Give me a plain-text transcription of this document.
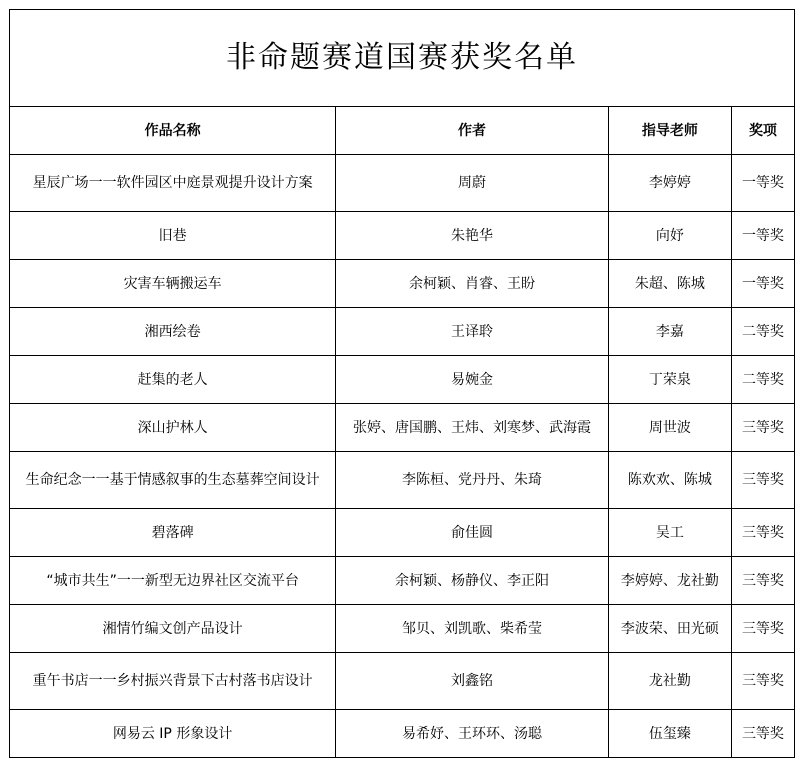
非命题赛道国赛获奖名单			
作品名称	作者	指导老师	奖项
星辰广场一一软件园区中庭景观提升设计方案	周蔚	李婷婷	一等奖
旧巷	朱艳华	向妤	一等奖
灾害车辆搬运车	余柯颖、肖睿、王盼	朱超、陈城	一等奖
湘西绘卷	王译聆	李嘉	二等奖
赶集的老人	易婉金	丁荣泉	二等奖
深山护林人	张婷、唐国鹏、王炜、刘寒梦、武海霞	周世波	三等奖
生命纪念一一基于情感叙事的生态墓葬空间设计	李陈桓、党丹丹、朱琦	陈欢欢、陈城	三等奖
碧落碑	俞佳圆	吴工	三等奖
“城市共生”一一新型无边界社区交流平台	余柯颖、杨静仪、李正阳	李婷婷、龙社勤	三等奖
湘情竹编文创产品设计	邹贝、刘凯歌、柴希莹	李波荣、田光硕	三等奖
重午书店一一乡村振兴背景下古村落书店设计	刘鑫铭	龙社勤	三等奖
网易云 IP 形象设计	易希妤、王环环、汤聪	伍玺臻	三等奖
